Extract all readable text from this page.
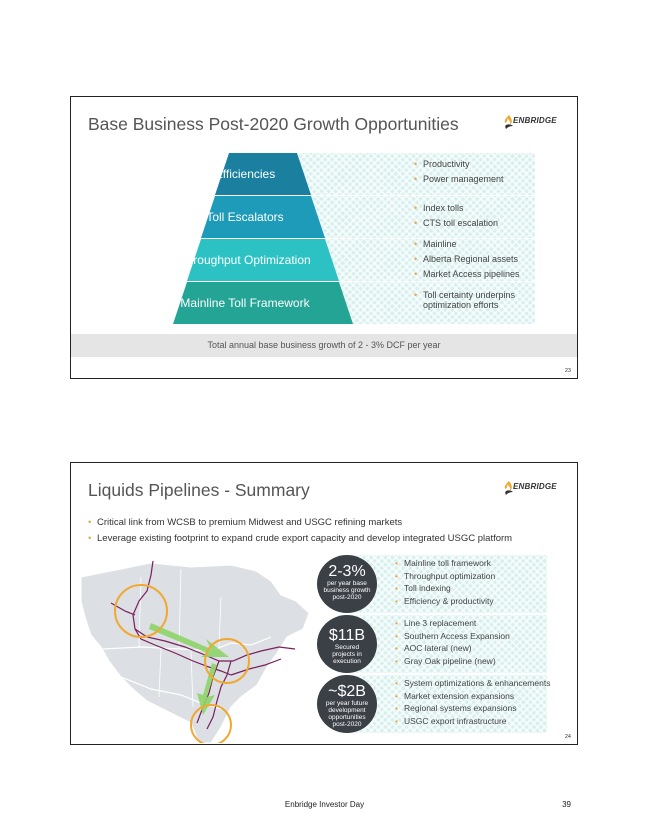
Base Business Post-2020 Growth Opportunities	ENBRIDGE
• Productivity
• Power management
• Index tolls
• CTS toll escalation
• Mainline
• Alberta Regional assets
• Market Access pipelines
• Toll certainty underpins optimization efforts
Efficiencies
Toll Escalators
Throughput Optimization
Mainline Toll Framework
Total annual base business growth of 2 - 3% DCF per year
23
Liquids Pipelines - Summary	ENBRIDGE
• Critical link from WCSB to premium Midwest and USGC refining markets
• Leverage existing footprint to expand crude export capacity and develop integrated USGC platform
2-3%
per year base business growth post-2020
• Mainline toll framework
• Throughput optimization
• Toll indexing
• Efficiency & productivity
$11B
Secured projects in execution
• Line 3 replacement
• Southern Access Expansion
• AOC lateral (new)
• Gray Oak pipeline (new)
~$2B
per year future development opportunities post-2020
• System optimizations & enhancements
• Market extension expansions
• Regional systems expansions
• USGC export infrastructure
24
Enbridge Investor Day	39
